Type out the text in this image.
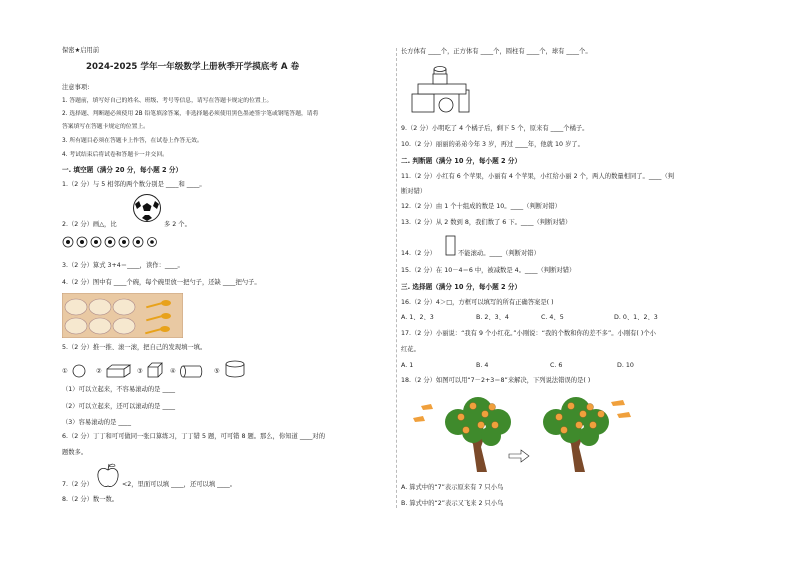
保密★启用前
2024-2025 学年一年级数学上册秋季开学摸底考 A 卷
注意事项:
1. 答题前，填写好自己的姓名、班级、考号等信息，请写在答题卡规定的位置上。
2. 选择题、判断题必须使用 2B 铅笔填涂答案，非选择题必须使用黑色墨迹签字笔或钢笔答题，请将
答案填写在答题卡规定的位置上。
3. 所有题目必须在答题卡上作答，在试卷上作答无效。
4. 考试结束后将试卷和答题卡一并交回。
一. 填空题（满分 20 分，每小题 2 分）
1.（2 分）与 5 相邻的两个数分别是 ____和 ____。
2.（2 分）画△，比	多 2 个。
3.（2 分）算式 3+4＝____，读作：____。
4.（2 分）图中有 ____个碗，每个碗里放一把勺子，还缺 ____把勺子。
5.（2 分）推一推、滚一滚，把自己的发现填一填。
①	②	③	④	⑤
（1）可以立起来，不容易滚动的是 ____
（2）可以立起来，还可以滚动的是 ____
（3）容易滚动的是 ____
6.（2 分）丁丁和可可做同一张口算练习，丁丁错 5 题，可可错 8 题。那么，你知道 ____对的
题数多。
7.（2 分）	<2，里面可以填 ____，还可以填 ____。
8.（2 分）数一数。
长方体有 ____个，正方体有 ____个，圆柱有 ____个，球有 ____个。
9.（2 分）小明吃了 4 个橘子后，剩下 5 个，原来有 ____个橘子。
10.（2 分）丽丽的弟弟今年 3 岁，再过 ____年，他就 10 岁了。
二. 判断题（满分 10 分，每小题 2 分）
11.（2 分）小红有 6 个苹果，小丽有 4 个苹果，小红给小丽 2 个，两人的数量相同了。____（判
断对错）
12.（2 分）由 1 个十组成的数是 10。____（判断对错）
13.（2 分）从 2 数到 8，我们数了 6 下。____（判断对错）
14.（2 分）	不能滚动。____（判断对错）
15.（2 分）在 10－4＝6 中，被减数是 4。____（判断对错）
三. 选择题（满分 10 分，每小题 2 分）
16.（2 分）4＞□，方框可以填写的所有正确答案是( )
A. 1、2、3	B. 2、3、4	C. 4、5	D. 0、1、2、3
17.（2 分）小丽说：“我有 9 个小红花。”小刚说：“我的个数和你的差不多”。小刚有( )个小
红花。
A. 1	B. 4	C. 6	D. 10
18.（2 分）如图可以用“7－2+3＝8”来解决，下列说法错误的是( )
A. 算式中的“7”表示原来有 7 只小鸟
B. 算式中的“2”表示又飞来 2 只小鸟
